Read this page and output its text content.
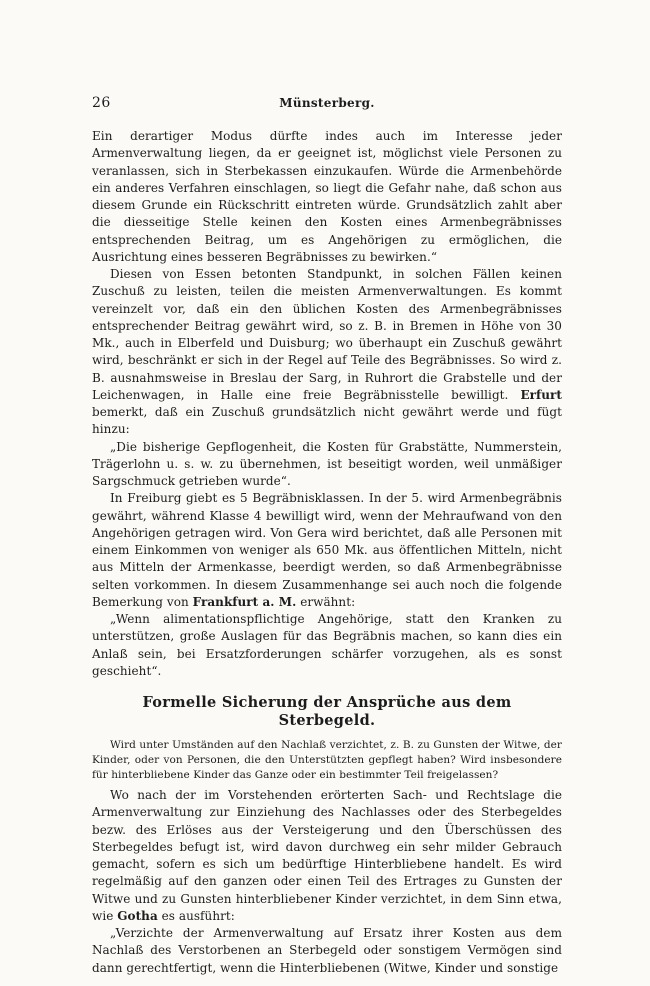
26	Münsterberg.

Ein derartiger Modus dürfte indes auch im Interesse jeder Armenverwaltung liegen, da er geeignet ist, möglichst viele Personen zu veranlassen, sich in Sterbekassen einzukaufen. Würde die Armenbehörde ein anderes Verfahren einschlagen, so liegt die Gefahr nahe, daß schon aus diesem Grunde ein Rückschritt eintreten würde. Grundsätzlich zahlt aber die diesseitige Stelle keinen den Kosten eines Armenbegräbnisses entsprechenden Beitrag, um es Angehörigen zu ermöglichen, die Ausrichtung eines besseren Begräbnisses zu bewirken.“

Diesen von Essen betonten Standpunkt, in solchen Fällen keinen Zuschuß zu leisten, teilen die meisten Armenverwaltungen. Es kommt vereinzelt vor, daß ein den üblichen Kosten des Armenbegräbnisses entsprechender Beitrag gewährt wird, so z. B. in Bremen in Höhe von 30 Mk., auch in Elberfeld und Duisburg; wo überhaupt ein Zuschuß gewährt wird, beschränkt er sich in der Regel auf Teile des Begräbnisses. So wird z. B. ausnahmsweise in Breslau der Sarg, in Ruhrort die Grabstelle und der Leichenwagen, in Halle eine freie Begräbnisstelle bewilligt. Erfurt bemerkt, daß ein Zuschuß grundsätzlich nicht gewährt werde und fügt hinzu:

„Die bisherige Gepflogenheit, die Kosten für Grabstätte, Nummerstein, Trägerlohn u. s. w. zu übernehmen, ist beseitigt worden, weil unmäßiger Sargschmuck getrieben wurde“.

In Freiburg giebt es 5 Begräbnisklassen. In der 5. wird Armenbegräbnis gewährt, während Klasse 4 bewilligt wird, wenn der Mehraufwand von den Angehörigen getragen wird. Von Gera wird berichtet, daß alle Personen mit einem Einkommen von weniger als 650 Mk. aus öffentlichen Mitteln, nicht aus Mitteln der Armenkasse, beerdigt werden, so daß Armenbegräbnisse selten vorkommen. In diesem Zusammenhange sei auch noch die folgende Bemerkung von Frankfurt a. M. erwähnt:

„Wenn alimentationspflichtige Angehörige, statt den Kranken zu unterstützen, große Auslagen für das Begräbnis machen, so kann dies ein Anlaß sein, bei Ersatzforderungen schärfer vorzugehen, als es sonst geschieht“.

Formelle Sicherung der Ansprüche aus dem Sterbegeld.

Wird unter Umständen auf den Nachlaß verzichtet, z. B. zu Gunsten der Witwe, der Kinder, oder von Personen, die den Unterstützten gepflegt haben? Wird insbesondere für hinterbliebene Kinder das Ganze oder ein bestimmter Teil freigelassen?

Wo nach der im Vorstehenden erörterten Sach- und Rechtslage die Armenverwaltung zur Einziehung des Nachlasses oder des Sterbegeldes bezw. des Erlöses aus der Versteigerung und den Überschüssen des Sterbegeldes befugt ist, wird davon durchweg ein sehr milder Gebrauch gemacht, sofern es sich um bedürftige Hinterbliebene handelt. Es wird regelmäßig auf den ganzen oder einen Teil des Ertrages zu Gunsten der Witwe und zu Gunsten hinterbliebener Kinder verzichtet, in dem Sinn etwa, wie Gotha es ausführt:

„Verzichte der Armenverwaltung auf Ersatz ihrer Kosten aus dem Nachlaß des Verstorbenen an Sterbegeld oder sonstigem Vermögen sind dann gerechtfertigt, wenn die Hinterbliebenen (Witwe, Kinder und sonstige
